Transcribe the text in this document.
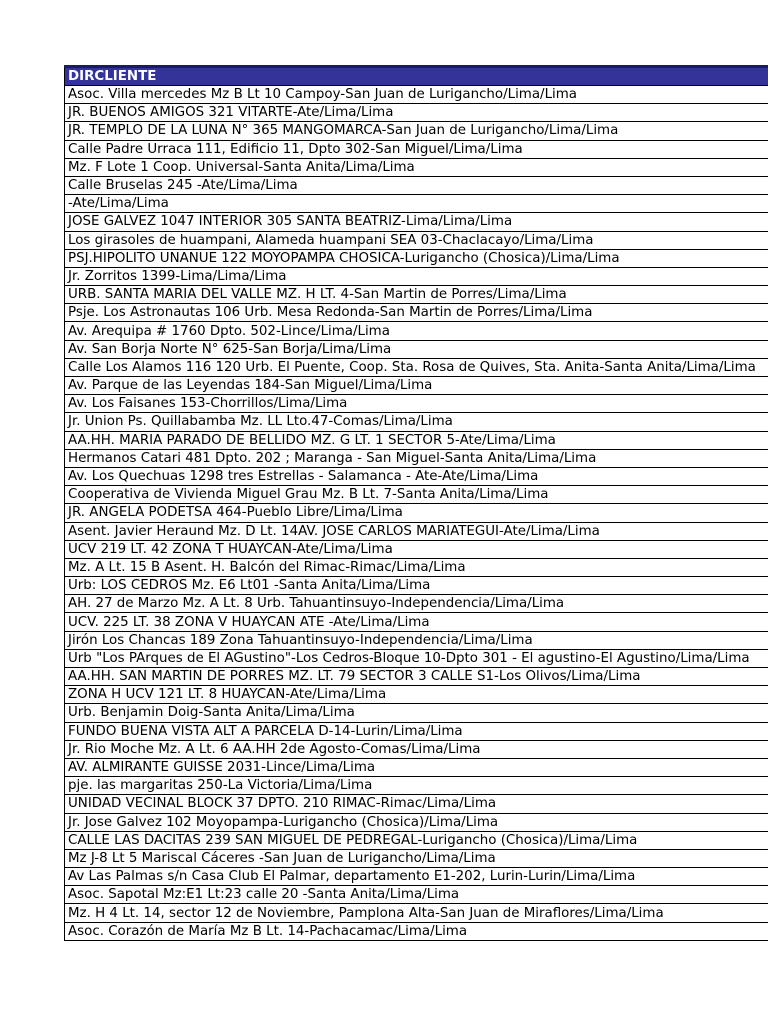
DIRCLIENTE
Asoc. Villa mercedes Mz B Lt 10 Campoy-San Juan de Lurigancho/Lima/Lima
JR. BUENOS AMIGOS 321 VITARTE-Ate/Lima/Lima
JR. TEMPLO DE LA LUNA N° 365 MANGOMARCA-San Juan de Lurigancho/Lima/Lima
Calle Padre Urraca 111, Edificio 11, Dpto 302-San Miguel/Lima/Lima
Mz. F Lote 1 Coop. Universal-Santa Anita/Lima/Lima
Calle Bruselas 245 -Ate/Lima/Lima
-Ate/Lima/Lima
JOSE GALVEZ 1047 INTERIOR 305 SANTA BEATRIZ-Lima/Lima/Lima
Los girasoles de huampani, Alameda huampani SEA 03-Chaclacayo/Lima/Lima
PSJ.HIPOLITO UNANUE 122 MOYOPAMPA CHOSICA-Lurigancho (Chosica)/Lima/Lima
Jr. Zorritos 1399-Lima/Lima/Lima
URB. SANTA MARIA DEL VALLE MZ. H LT. 4-San Martin de Porres/Lima/Lima
Psje. Los Astronautas 106 Urb. Mesa Redonda-San Martin de Porres/Lima/Lima
Av. Arequipa # 1760 Dpto. 502-Lince/Lima/Lima
Av. San Borja Norte N° 625-San Borja/Lima/Lima
Calle Los Alamos 116 120 Urb. El Puente, Coop. Sta. Rosa de Quives, Sta. Anita-Santa Anita/Lima/Lima
Av. Parque de las Leyendas 184-San Miguel/Lima/Lima
Av. Los Faisanes 153-Chorrillos/Lima/Lima
Jr. Union Ps. Quillabamba Mz. LL Lto.47-Comas/Lima/Lima
AA.HH. MARIA PARADO DE BELLIDO MZ. G LT. 1 SECTOR 5-Ate/Lima/Lima
Hermanos Catari 481 Dpto. 202 ; Maranga - San Miguel-Santa Anita/Lima/Lima
Av. Los Quechuas 1298 tres Estrellas - Salamanca - Ate-Ate/Lima/Lima
Cooperativa de Vivienda Miguel Grau Mz. B Lt. 7-Santa Anita/Lima/Lima
JR. ANGELA PODETSA 464-Pueblo Libre/Lima/Lima
Asent. Javier Heraund Mz. D Lt. 14AV. JOSE CARLOS MARIATEGUI-Ate/Lima/Lima
UCV 219 LT. 42 ZONA T HUAYCAN-Ate/Lima/Lima
Mz. A Lt. 15 B Asent. H. Balcón del Rimac-Rimac/Lima/Lima
Urb: LOS CEDROS Mz. E6 Lt01 -Santa Anita/Lima/Lima
AH. 27 de Marzo Mz. A Lt. 8 Urb. Tahuantinsuyo-Independencia/Lima/Lima
UCV. 225 LT. 38 ZONA V HUAYCAN ATE -Ate/Lima/Lima
Jirón Los Chancas 189 Zona Tahuantinsuyo-Independencia/Lima/Lima
Urb "Los PArques de El AGustino"-Los Cedros-Bloque 10-Dpto 301 - El agustino-El Agustino/Lima/Lima
AA.HH. SAN MARTIN DE PORRES MZ. LT. 79 SECTOR 3 CALLE S1-Los Olivos/Lima/Lima
ZONA H UCV 121 LT. 8 HUAYCAN-Ate/Lima/Lima
Urb. Benjamin Doig-Santa Anita/Lima/Lima
FUNDO BUENA VISTA ALT A PARCELA D-14-Lurin/Lima/Lima
Jr. Rio Moche Mz. A Lt. 6 AA.HH 2de Agosto-Comas/Lima/Lima
AV. ALMIRANTE GUISSE 2031-Lince/Lima/Lima
pje. las margaritas 250-La Victoria/Lima/Lima
UNIDAD VECINAL BLOCK 37 DPTO. 210 RIMAC-Rimac/Lima/Lima
Jr. Jose Galvez 102 Moyopampa-Lurigancho (Chosica)/Lima/Lima
CALLE LAS DACITAS 239 SAN MIGUEL DE PEDREGAL-Lurigancho (Chosica)/Lima/Lima
Mz J-8 Lt 5 Mariscal Cáceres -San Juan de Lurigancho/Lima/Lima
Av Las Palmas s/n Casa Club El Palmar, departamento E1-202, Lurin-Lurin/Lima/Lima
Asoc. Sapotal Mz:E1 Lt:23 calle 20 -Santa Anita/Lima/Lima
Mz. H 4 Lt. 14, sector 12 de Noviembre, Pamplona Alta-San Juan de Miraflores/Lima/Lima
Asoc. Corazón de María Mz B Lt. 14-Pachacamac/Lima/Lima
